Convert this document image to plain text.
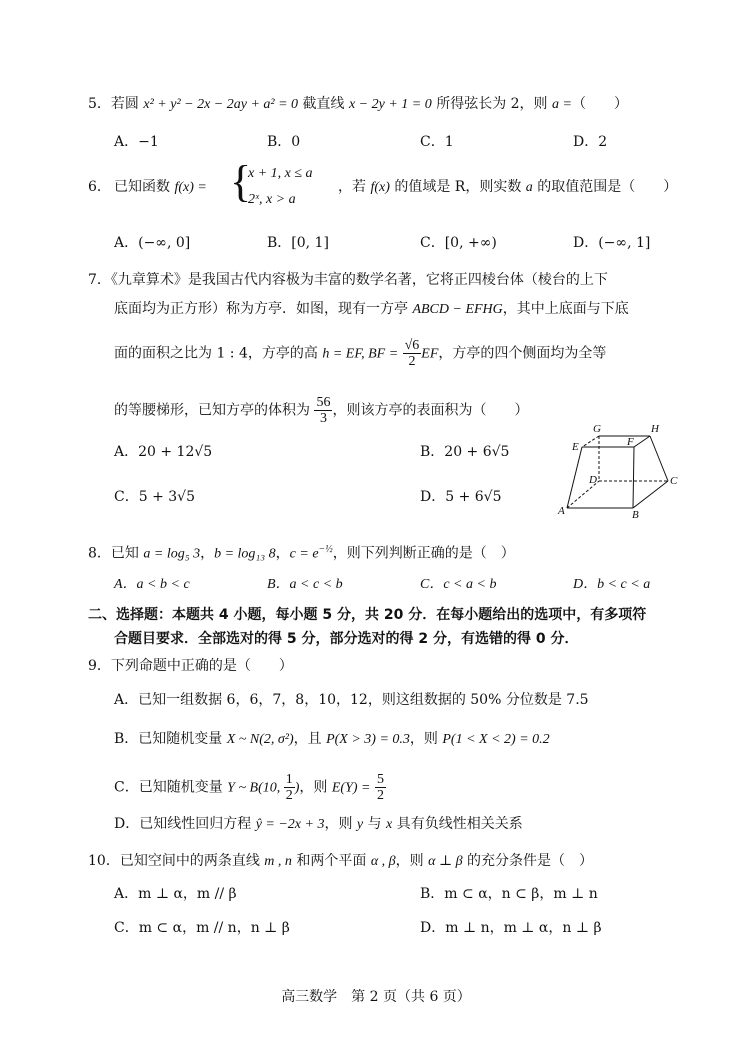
5．若圆 x² + y² − 2x − 2ay + a² = 0 截直线 x − 2y + 1 = 0 所得弦长为 2，则 a =（　　）
A．−1	B．0	C．1	D．2
6． 已知函数 f(x) = {
x + 1, x ≤ a
2ˣ, x > a
，若 f(x) 的值域是 R，则实数 a 的取值范围是（　　）
A．(−∞, 0]	B．[0, 1]	C．[0, +∞)	D．(−∞, 1]
7．《九章算术》是我国古代内容极为丰富的数学名著，它将正四棱台体（棱台的上下
底面均为正方形）称为方亭．如图，现有一方亭 ABCD − EFHG，其中上底面与下底
面的面积之比为 1 : 4，方亭的高 h = EF, BF = $\frac{√6}{2}$ EF，方亭的四个侧面均为全等
的等腰梯形，已知方亭的体积为 $\frac{56}{3}$ ，则该方亭的表面积为（　　）
A．20 + 12√5	B．20 + 6√5
C．5 + 3√5	D．5 + 6√5
G	H
E	F
D	C
A	B
8．已知 a = log₅ 3，b = log₁₃ 8，$c = e^{-\frac{1}{2}}$，则下列判断正确的是（　）
A．a < b < c	B．a < c < b	C．c < a < b	D．b < c < a
二、选择题：本题共 4 小题，每小题 5 分，共 20 分．在每小题给出的选项中，有多项符
合题目要求．全部选对的得 5 分，部分选对的得 2 分，有选错的得 0 分．
9．下列命题中正确的是（　　）
A．已知一组数据 6，6，7，8，10，12，则这组数据的 50% 分位数是 7.5
B．已知随机变量 X ~ N(2, σ²)，且 P(X > 3) = 0.3，则 P(1 < X < 2) = 0.2
C．已知随机变量 Y ~ B(10, $\frac{1}{2}$ )，则 $E(Y) = \frac{5}{2}$
D．已知线性回归方程 ŷ = −2x + 3，则 y 与 x 具有负线性相关关系
10．已知空间中的两条直线 m , n 和两个平面 α , β，则 α ⊥ β 的充分条件是（　）
A．m ⊥ α，m // β	B．m ⊂ α，n ⊂ β，m ⊥ n
C．m ⊂ α，m // n，n ⊥ β	D．m ⊥ n，m ⊥ α，n ⊥ β
高三数学　第 2 页（共 6 页）
